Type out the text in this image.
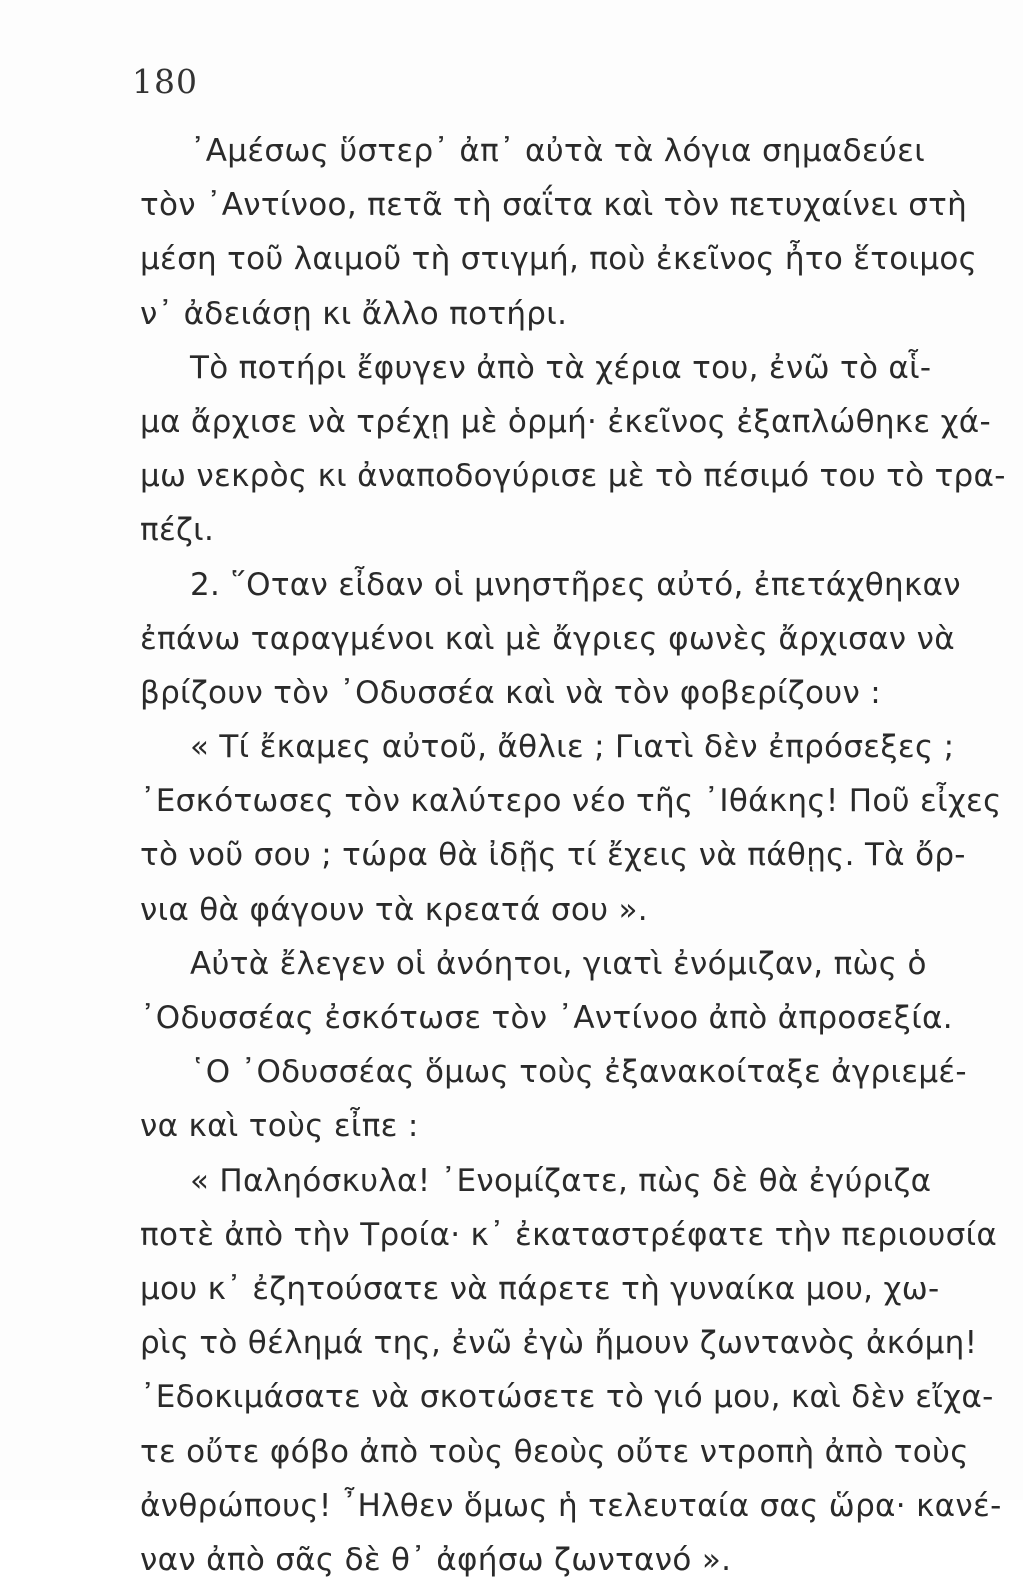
180
᾿Αμέσως ὕστερ᾿ ἀπ᾿ αὐτὰ τὰ λόγια σημαδεύει
τὸν ᾿Αντίνοο, πετᾶ τὴ σαΐτα καὶ τὸν πετυχαίνει στὴ
μέση τοῦ λαιμοῦ τὴ στιγμή, ποὺ ἐκεῖνος ἦτο ἕτοιμος
ν᾿ ἀδειάσῃ κι ἄλλο ποτήρι.
Τὸ ποτήρι ἔφυγεν ἀπὸ τὰ χέρια του, ἐνῶ τὸ αἷ-
μα ἄρχισε νὰ τρέχῃ μὲ ὁρμή· ἐκεῖνος ἐξαπλώθηκε χά-
μω νεκρὸς κι ἀναποδογύρισε μὲ τὸ πέσιμό του τὸ τρα-
πέζι.
2. ῞Οταν εἶδαν οἱ μνηστῆρες αὐτό, ἐπετάχθηκαν
ἐπάνω ταραγμένοι καὶ μὲ ἄγριες φωνὲς ἄρχισαν νὰ
βρίζουν τὸν ᾿Οδυσσέα καὶ νὰ τὸν φοβερίζουν :
« Τί ἔκαμες αὐτοῦ, ἄθλιε ; Γιατὶ δὲν ἐπρόσεξες ;
᾿Εσκότωσες τὸν καλύτερο νέο τῆς ᾿Ιθάκης! Ποῦ εἶχες
τὸ νοῦ σου ; τώρα θὰ ἰδῇς τί ἔχεις νὰ πάθῃς. Τὰ ὄρ-
νια θὰ φάγουν τὰ κρεατά σου ».
Αὐτὰ ἔλεγεν οἱ ἀνόητοι, γιατὶ ἐνόμιζαν, πὼς ὁ
᾿Οδυσσέας ἐσκότωσε τὸν ᾿Αντίνοο ἀπὸ ἀπροσεξία.
῾Ο ᾿Οδυσσέας ὅμως τοὺς ἐξανακοίταξε ἀγριεμέ-
να καὶ τοὺς εἶπε :
« Παληόσκυλα! ᾿Ενομίζατε, πὼς δὲ θὰ ἐγύριζα
ποτὲ ἀπὸ τὴν Τροία· κ᾿ ἐκαταστρέφατε τὴν περιουσία
μου κ᾿ ἐζητούσατε νὰ πάρετε τὴ γυναίκα μου, χω-
ρὶς τὸ θέλημά της, ἐνῶ ἐγὼ ἤμουν ζωντανὸς ἀκόμη!
᾿Εδοκιμάσατε νὰ σκοτώσετε τὸ γιό μου, καὶ δὲν εἴχα-
τε οὔτε φόβο ἀπὸ τοὺς θεοὺς οὔτε ντροπὴ ἀπὸ τοὺς
ἀνθρώπους! ῏Ηλθεν ὅμως ἡ τελευταία σας ὥρα· κανέ-
ναν ἀπὸ σᾶς δὲ θ᾿ ἀφήσω ζωντανό ».
